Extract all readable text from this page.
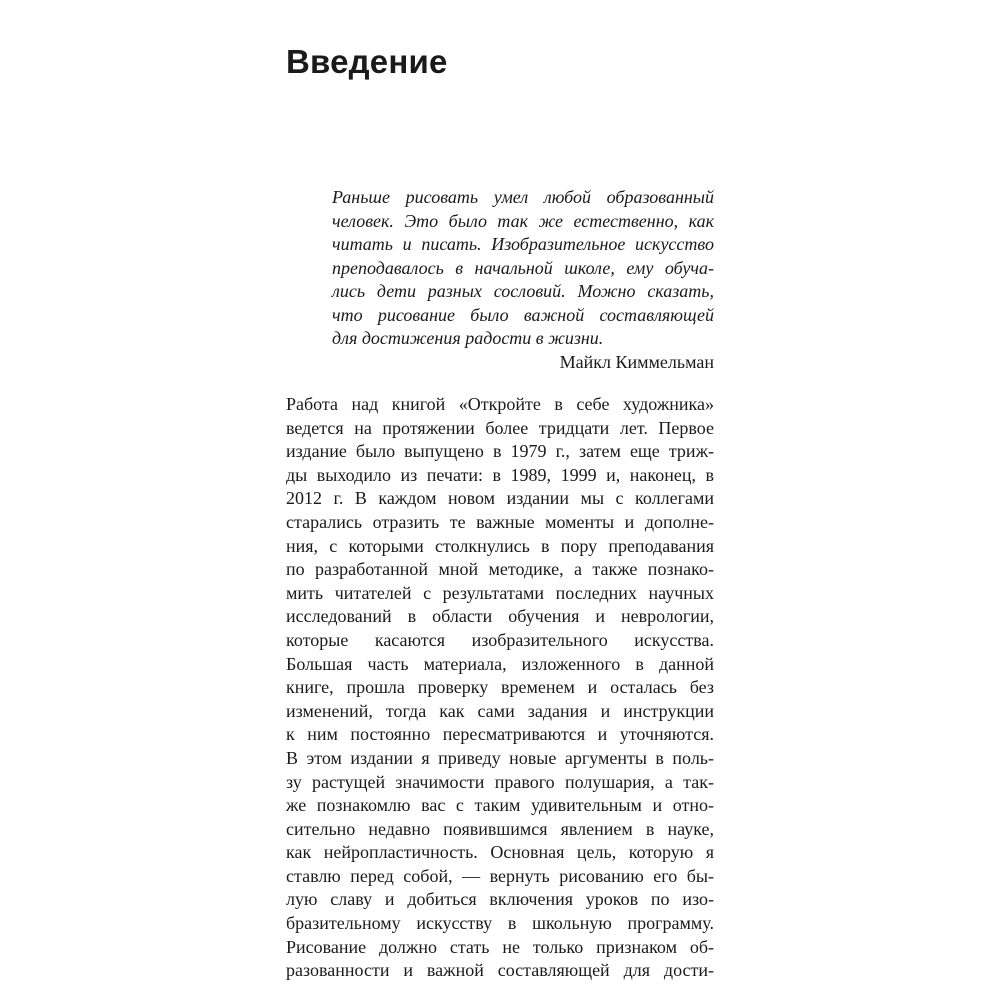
Введение
Раньше рисовать умел любой образованный
человек. Это было так же естественно, как
читать и писать. Изобразительное искусство
преподавалось в начальной школе, ему обуча-
лись дети разных сословий. Можно сказать,
что рисование было важной составляющей
для достижения радости в жизни.
Майкл Киммельман
Работа над книгой «Откройте в себе художника»
ведется на протяжении более тридцати лет. Первое
издание было выпущено в 1979 г., затем еще триж-
ды выходило из печати: в 1989, 1999 и, наконец, в
2012 г. В каждом новом издании мы с коллегами
старались отразить те важные моменты и дополне-
ния, с которыми столкнулись в пору преподавания
по разработанной мной методике, а также познако-
мить читателей с результатами последних научных
исследований в области обучения и неврологии,
которые касаются изобразительного искусства.
Большая часть материала, изложенного в данной
книге, прошла проверку временем и осталась без
изменений, тогда как сами задания и инструкции
к ним постоянно пересматриваются и уточняются.
В этом издании я приведу новые аргументы в поль-
зу растущей значимости правого полушария, а так-
же познакомлю вас с таким удивительным и отно-
сительно недавно появившимся явлением в науке,
как нейропластичность. Основная цель, которую я
ставлю перед собой, — вернуть рисованию его бы-
лую славу и добиться включения уроков по изо-
бразительному искусству в школьную программу.
Рисование должно стать не только признаком об-
разованности и важной составляющей для дости-
